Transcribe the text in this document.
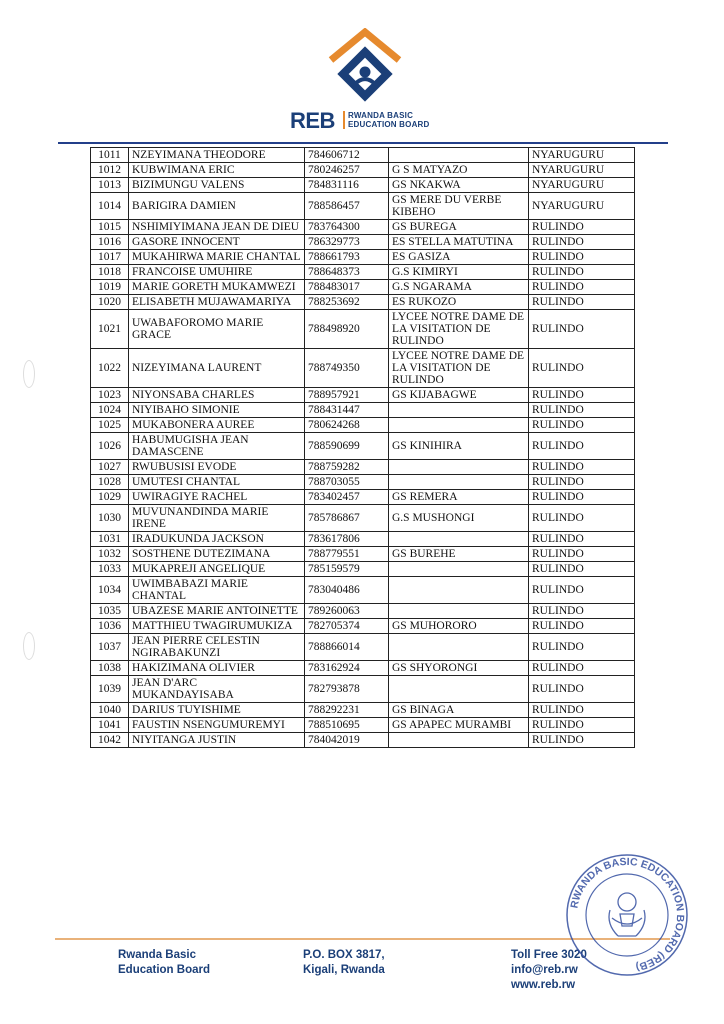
REB RWANDA BASIC
EDUCATION BOARD
1011	NZEYIMANA THEODORE	784606712		NYARUGURU
1012	KUBWIMANA ERIC	780246257	G S MATYAZO	NYARUGURU
1013	BIZIMUNGU VALENS	784831116	GS NKAKWA	NYARUGURU
1014	BARIGIRA DAMIEN	788586457	GS MERE DU VERBE KIBEHO	NYARUGURU
1015	NSHIMIYIMANA JEAN DE DIEU	783764300	GS BUREGA	RULINDO
1016	GASORE INNOCENT	786329773	ES STELLA MATUTINA	RULINDO
1017	MUKAHIRWA MARIE CHANTAL	788661793	ES GASIZA	RULINDO
1018	FRANCOISE UMUHIRE	788648373	G.S KIMIRYI	RULINDO
1019	MARIE GORETH MUKAMWEZI	788483017	G.S NGARAMA	RULINDO
1020	ELISABETH MUJAWAMARIYA	788253692	ES RUKOZO	RULINDO
1021	UWABAFOROMO MARIE GRACE	788498920	LYCEE NOTRE DAME DE LA VISITATION DE RULINDO	RULINDO
1022	NIZEYIMANA LAURENT	788749350	LYCEE NOTRE DAME DE LA VISITATION DE RULINDO	RULINDO
1023	NIYONSABA CHARLES	788957921	GS KIJABAGWE	RULINDO
1024	NIYIBAHO SIMONIE	788431447		RULINDO
1025	MUKABONERA AUREE	780624268		RULINDO
1026	HABUMUGISHA JEAN DAMASCENE	788590699	GS KINIHIRA	RULINDO
1027	RWUBUSISI EVODE	788759282		RULINDO
1028	UMUTESI CHANTAL	788703055		RULINDO
1029	UWIRAGIYE RACHEL	783402457	GS REMERA	RULINDO
1030	MUVUNANDINDA MARIE IRENE	785786867	G.S MUSHONGI	RULINDO
1031	IRADUKUNDA JACKSON	783617806		RULINDO
1032	SOSTHENE DUTEZIMANA	788779551	GS BUREHE	RULINDO
1033	MUKAPREJI ANGELIQUE	785159579		RULINDO
1034	UWIMBABAZI MARIE CHANTAL	783040486		RULINDO
1035	UBAZESE MARIE ANTOINETTE	789260063		RULINDO
1036	MATTHIEU TWAGIRUMUKIZA	782705374	GS MUHORORO	RULINDO
1037	JEAN PIERRE CELESTIN NGIRABAKUNZI	788866014		RULINDO
1038	HAKIZIMANA OLIVIER	783162924	GS SHYORONGI	RULINDO
1039	JEAN D'ARC MUKANDAYISABA	782793878		RULINDO
1040	DARIUS TUYISHIME	788292231	GS BINAGA	RULINDO
1041	FAUSTIN NSENGUMUREMYI	788510695	GS APAPEC MURAMBI	RULINDO
1042	NIYITANGA JUSTIN	784042019		RULINDO
Rwanda Basic
Education Board
P.O. BOX 3817,
Kigali, Rwanda
Toll Free 3020
info@reb.rw
www.reb.rw
RWANDA BASIC EDUCATION BOARD (REB)
